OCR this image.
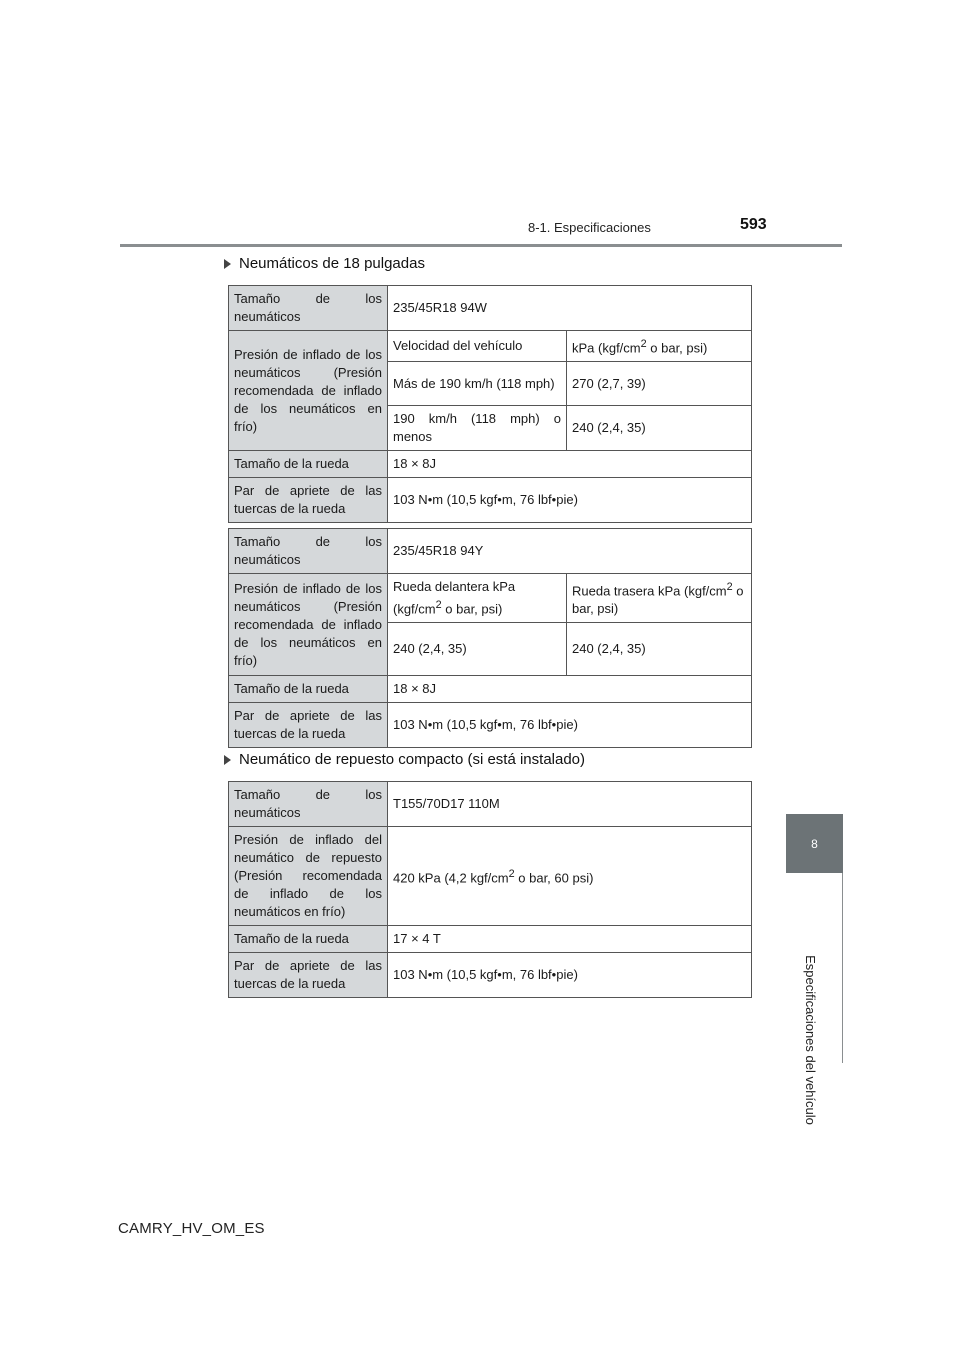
8-1. Especificaciones	593
8
Especificaciones del vehículo
Neumáticos de 18 pulgadas
Tamaño de los neumáticos	235/45R18 94W	
Presión de inflado de los neumáticos (Presión recomendada de inflado de los neumáticos en frío)	Velocidad del vehículo	kPa ($kgf/cm^2$ o bar, psi)
	Más de 190 km/h (118 mph)	270 (2,7, 39)
	190 km/h (118 mph) o menos	240 (2,4, 35)
Tamaño de la rueda	18 × 8J	
Par de apriete de las tuercas de la rueda	103 N•m (10,5 kgf•m, 76 lbf•pie)	
Tamaño de los neumáticos	235/45R18 94Y	
Presión de inflado de los neumáticos (Presión recomendada de inflado de los neumáticos en frío)	Rueda delantera kPa ($kgf/cm^2$ o bar, psi)	Rueda trasera kPa ($kgf/cm^2$ o bar, psi)
	240 (2,4, 35)	240 (2,4, 35)
Tamaño de la rueda	18 × 8J	
Par de apriete de las tuercas de la rueda	103 N•m (10,5 kgf•m, 76 lbf•pie)	
Neumático de repuesto compacto (si está instalado)
Tamaño de los neumáticos	T155/70D17 110M
Presión de inflado del neumático de repuesto (Presión recomendada de inflado de los neumáticos en frío)	420 kPa (4,2 kgf/$cm^2$ o bar, 60 psi)
Tamaño de la rueda	17 × 4 T
Par de apriete de las tuercas de la rueda	103 N•m (10,5 kgf•m, 76 lbf•pie)
CAMRY_HV_OM_ES
